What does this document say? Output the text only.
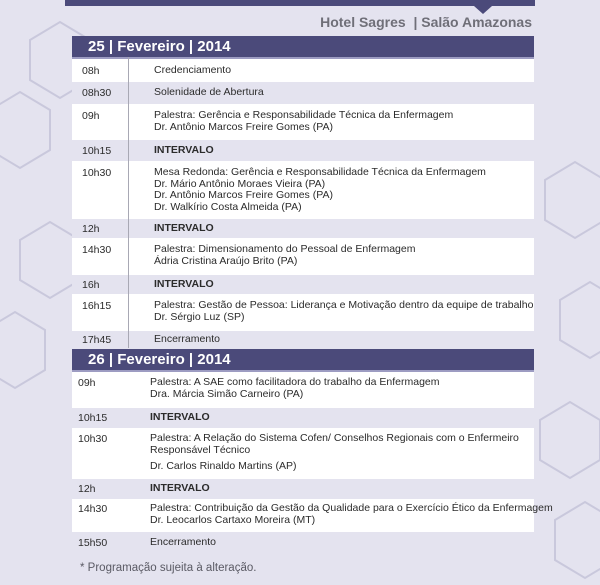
Hotel Sagres  | Salão Amazonas
25 | Fevereiro | 2014
08h	Credenciamento
08h30	Solenidade de Abertura
09h	Palestra: Gerência e Responsabilidade Técnica da Enfermagem
Dr. Antônio Marcos Freire Gomes (PA)
10h15	INTERVALO
10h30	Mesa Redonda: Gerência e Responsabilidade Técnica da Enfermagem
Dr. Mário Antônio Moraes Vieira (PA)
Dr. Antônio Marcos Freire Gomes (PA)
Dr. Walkírio Costa Almeida (PA)
12h	INTERVALO
14h30	Palestra: Dimensionamento do Pessoal de Enfermagem
Ádria Cristina Araújo Brito (PA)
16h	INTERVALO
16h15	Palestra: Gestão de Pessoa: Liderança e Motivação dentro da equipe de trabalho
Dr. Sérgio Luz (SP)
17h45	Encerramento
26 | Fevereiro | 2014
09h	Palestra: A SAE como facilitadora do trabalho da Enfermagem
Dra. Márcia Simão Carneiro (PA)
10h15	INTERVALO
10h30	Palestra: A Relação do Sistema Cofen/ Conselhos Regionais com o Enfermeiro
Responsável Técnico
Dr. Carlos Rinaldo Martins (AP)
12h	INTERVALO
14h30	Palestra: Contribuição da Gestão da Qualidade para o Exercício Ético da Enfermagem
Dr. Leocarlos Cartaxo Moreira (MT)
15h50	Encerramento
* Programação sujeita à alteração.
